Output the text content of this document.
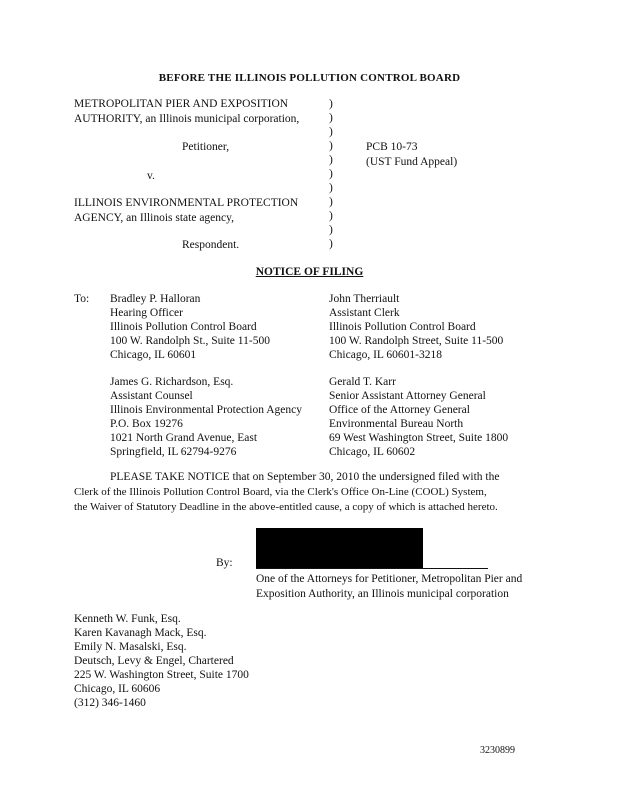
BEFORE THE ILLINOIS POLLUTION CONTROL BOARD
METROPOLITAN PIER AND EXPOSITION
AUTHORITY, an Illinois municipal corporation,
Petitioner,
v.
ILLINOIS ENVIRONMENTAL PROTECTION
AGENCY, an Illinois state agency,
Respondent.
)
)
)
)
)
)
)
)
)
)
)
PCB 10-73
(UST Fund Appeal)
NOTICE OF FILING
To: Bradley P. Halloran
Hearing Officer
Illinois Pollution Control Board
100 W. Randolph St., Suite 11-500
Chicago, IL 60601
John Therriault
Assistant Clerk
Illinois Pollution Control Board
100 W. Randolph Street, Suite 11-500
Chicago, IL 60601-3218
James G. Richardson, Esq.
Assistant Counsel
Illinois Environmental Protection Agency
P.O. Box 19276
1021 North Grand Avenue, East
Springfield, IL 62794-9276
Gerald T. Karr
Senior Assistant Attorney General
Office of the Attorney General
Environmental Bureau North
69 West Washington Street, Suite 1800
Chicago, IL 60602
PLEASE TAKE NOTICE that on September 30, 2010 the undersigned filed with the
Clerk of the Illinois Pollution Control Board, via the Clerk's Office On-Line (COOL) System,
the Waiver of Statutory Deadline in the above-entitled cause, a copy of which is attached hereto.
By:
One of the Attorneys for Petitioner, Metropolitan Pier and
Exposition Authority, an Illinois municipal corporation
Kenneth W. Funk, Esq.
Karen Kavanagh Mack, Esq.
Emily N. Masalski, Esq.
Deutsch, Levy & Engel, Chartered
225 W. Washington Street, Suite 1700
Chicago, IL 60606
(312) 346-1460
3230899
